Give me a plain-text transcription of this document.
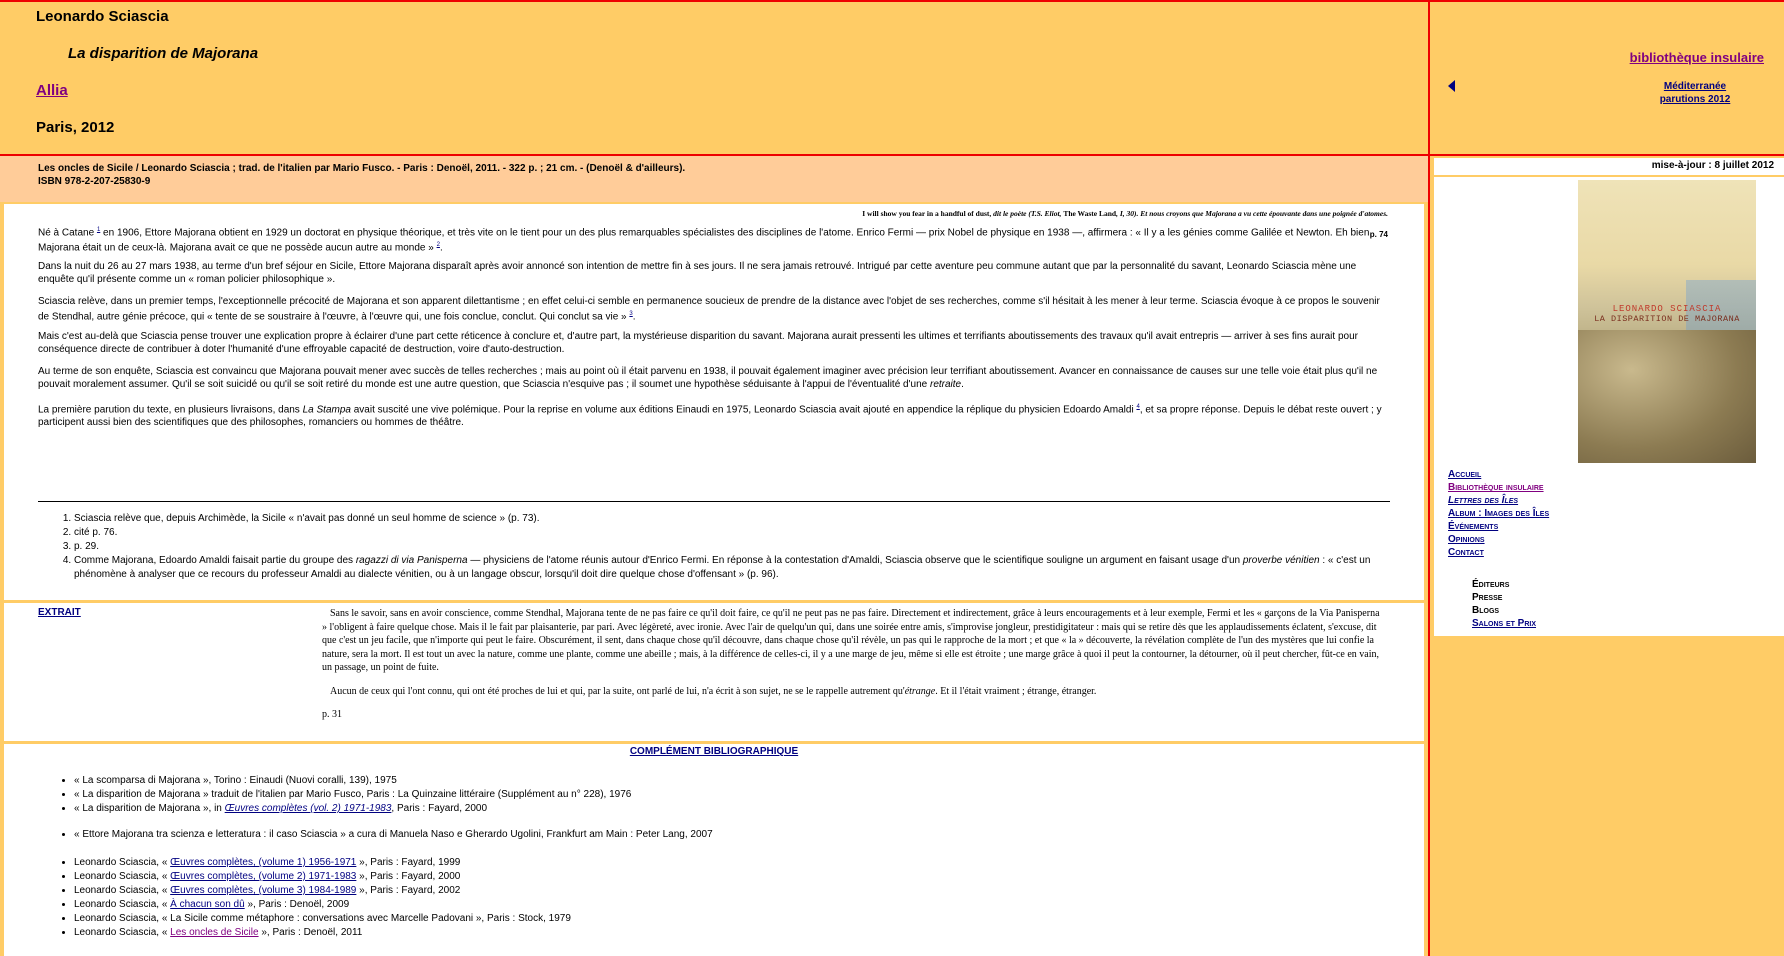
Leonardo Sciascia
La disparition de Majorana
Allia
Paris, 2012
Les oncles de Sicile / Leonardo Sciascia ; trad. de l'italien par Mario Fusco. - Paris : Denoël, 2011. - 322 p. ; 21 cm. - (Denoël & d'ailleurs).
ISBN 978-2-207-25830-9
I will show you fear in a handful of dust, dit le poète (T.S. Eliot, The Waste Land, I, 30). Et nous croyons que Majorana a vu cette épouvante dans une poignée d'atomes.
p. 74

Né à Catane $^1$ en 1906, Ettore Majorana obtient en 1929 un doctorat en physique théorique, et très vite on le tient pour un des plus remarquables spécialistes des disciplines de l'atome. Enrico Fermi — prix Nobel de physique en 1938 —, affirmera : « Il y a les génies comme Galilée et Newton. Eh bien, Majorana était un de ceux-là. Majorana avait ce que ne possède aucun autre au monde » $^2$.

Dans la nuit du 26 au 27 mars 1938, au terme d'un bref séjour en Sicile, Ettore Majorana disparaît après avoir annoncé son intention de mettre fin à ses jours. Il ne sera jamais retrouvé. Intrigué par cette aventure peu commune autant que par la personnalité du savant, Leonardo Sciascia mène une enquête qu'il présente comme un « roman policier philosophique ».

Sciascia relève, dans un premier temps, l'exceptionnelle précocité de Majorana et son apparent dilettantisme ; en effet celui-ci semble en permanence soucieux de prendre de la distance avec l'objet de ses recherches, comme s'il hésitait à les mener à leur terme. Sciascia évoque à ce propos le souvenir de Stendhal, autre génie précoce, qui « tente de se soustraire à l'œuvre, à l'œuvre qui, une fois conclue, conclut. Qui conclut sa vie » $^3$.

Mais c'est au-delà que Sciascia pense trouver une explication propre à éclairer d'une part cette réticence à conclure et, d'autre part, la mystérieuse disparition du savant. Majorana aurait pressenti les ultimes et terrifiants aboutissements des travaux qu'il avait entrepris — arriver à ses fins aurait pour conséquence directe de contribuer à doter l'humanité d'une effroyable capacité de destruction, voire d'auto-destruction.

Au terme de son enquête, Sciascia est convaincu que Majorana pouvait mener avec succès de telles recherches ; mais au point où il était parvenu en 1938, il pouvait également imaginer avec précision leur terrifiant aboutissement. Avancer en connaissance de causes sur une telle voie était plus qu'il ne pouvait moralement assumer. Qu'il se soit suicidé ou qu'il se soit retiré du monde est une autre question, que Sciascia n'esquive pas ; il soumet une hypothèse séduisante à l'appui de l'éventualité d'une retraite.

La première parution du texte, en plusieurs livraisons, dans La Stampa avait suscité une vive polémique. Pour la reprise en volume aux éditions Einaudi en 1975, Leonardo Sciascia avait ajouté en appendice la réplique du physicien Edoardo Amaldi $^4$, et sa propre réponse. Depuis le débat reste ouvert ; y participent aussi bien des scientifiques que des philosophes, romanciers ou hommes de théâtre.

1. Sciascia relève que, depuis Archimède, la Sicile « n'avait pas donné un seul homme de science » (p. 73).
2. cité p. 76.
3. p. 29.
4. Comme Majorana, Edoardo Amaldi faisait partie du groupe des ragazzi di via Panisperna — physiciens de l'atome réunis autour d'Enrico Fermi. En réponse à la contestation d'Amaldi, Sciascia observe que le scientifique souligne un argument en faisant usage d'un proverbe vénitien : « c'est un phénomène à analyser que ce recours du professeur Amaldi au dialecte vénitien, ou à un langage obscur, lorsqu'il doit dire quelque chose d'offensant » (p. 96).
EXTRAIT	Sans le savoir, sans en avoir conscience, comme Stendhal, Majorana tente de ne pas faire ce qu'il doit faire, ce qu'il ne peut pas ne pas faire. Directement et indirectement, grâce à leurs encouragements et à leur exemple, Fermi et les « garçons de la Via Panisperna » l'obligent à faire quelque chose. Mais il le fait par plaisanterie, par pari. Avec légèreté, avec ironie. Avec l'air de quelqu'un qui, dans une soirée entre amis, s'improvise jongleur, prestidigitateur : mais qui se retire dès que les applaudissements éclatent, s'excuse, dit que c'est un jeu facile, que n'importe qui peut le faire. Obscurément, il sent, dans chaque chose qu'il découvre, dans chaque chose qu'il révèle, un pas qui le rapproche de la mort ; et que « la » découverte, la révélation complète de l'un des mystères que lui confie la nature, sera la mort. Il est tout un avec la nature, comme une plante, comme une abeille ; mais, à la différence de celles-ci, il y a une marge de jeu, même si elle est étroite ; une marge grâce à quoi il peut la contourner, la détourner, où il peut chercher, fût-ce en vain, un passage, un point de fuite.

Aucun de ceux qui l'ont connu, qui ont été proches de lui et qui, par la suite, ont parlé de lui, n'a écrit à son sujet, ne se le rappelle autrement qu'étrange. Et il l'était vraiment ; étrange, étranger.

p. 31

COMPLÉMENT BIBLIOGRAPHIQUE
• « La scomparsa di Majorana », Torino : Einaudi (Nuovi coralli, 139), 1975
• « La disparition de Majorana » traduit de l'italien par Mario Fusco, Paris : La Quinzaine littéraire (Supplément au n° 228), 1976
• « La disparition de Majorana », in Œuvres complètes (vol. 2) 1971-1983, Paris : Fayard, 2000
• « Ettore Majorana tra scienza e letteratura : il caso Sciascia » a cura di Manuela Naso e Gherardo Ugolini, Frankfurt am Main : Peter Lang, 2007
• Leonardo Sciascia, « Œuvres complètes, (volume 1) 1956-1971 », Paris : Fayard, 1999
• Leonardo Sciascia, « Œuvres complètes, (volume 2) 1971-1983 », Paris : Fayard, 2000
• Leonardo Sciascia, « Œuvres complètes, (volume 3) 1984-1989 », Paris : Fayard, 2002
• Leonardo Sciascia, « À chacun son dû », Paris : Denoël, 2009
• Leonardo Sciascia, « La Sicile comme métaphore : conversations avec Marcelle Padovani », Paris : Stock, 1979
• Leonardo Sciascia, « Les oncles de Sicile », Paris : Denoël, 2011
bibliothèque insulaire
Méditerranée
parutions 2012
mise-à-jour : 8 juillet 2012
LEONARDO SCIASCIA
LA DISPARITION DE MAJORANA
Accueil
Bibliothèque insulaire
Lettres des Îles
Album : Images des Îles
Événements
Opinions
Contact
Éditeurs
Presse
Blogs
Salons et Prix
